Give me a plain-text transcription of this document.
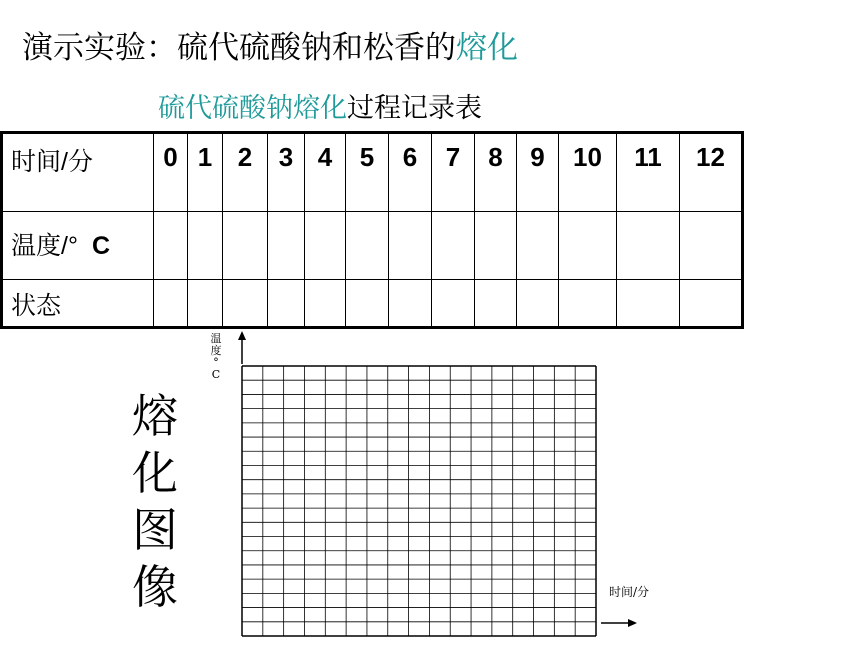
演示实验：硫代硫酸钠和松香的熔化
硫代硫酸钠熔化过程记录表
时间/分	0	1	2	3	4	5	6	7	8	9	10	11	12
温度/° C													
状态													
熔
化
图
像
温
度
°
C
时间/分
